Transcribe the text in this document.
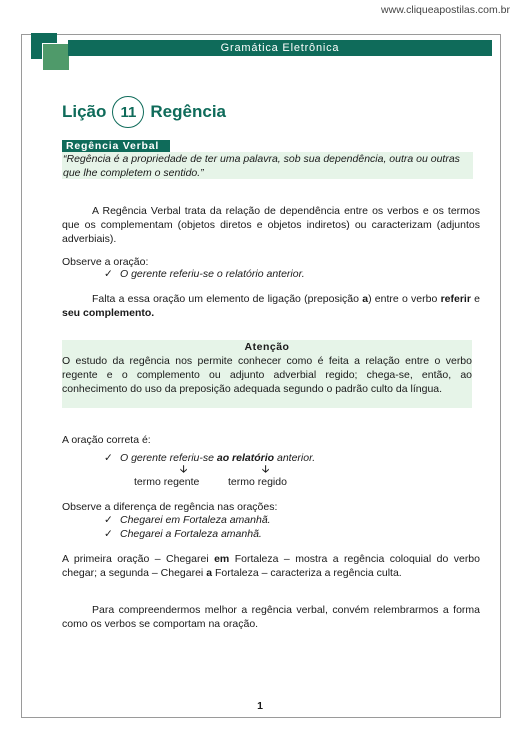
www.cliqueapostilas.com.br
Gramática Eletrônica
Lição 11 Regência
Regência Verbal
“Regência é a propriedade de ter uma palavra, sob sua dependência, outra ou outras que lhe completem o sentido.”
A Regência Verbal trata da relação de dependência entre os verbos e os termos que os complementam (objetos diretos e objetos indiretos) ou caracterizam (adjuntos adverbiais).
Observe a oração:
✓ O gerente referiu-se o relatório anterior.
Falta a essa oração um elemento de ligação (preposição a) entre o verbo referir e seu complemento.
Atenção
O estudo da regência nos permite conhecer como é feita a relação entre o verbo regente e o complemento ou adjunto adverbial regido; chega-se, então, ao conhecimento do uso da preposição adequada segundo o padrão culto da língua.
A oração correta é:
✓ O gerente referiu-se ao relatório anterior.
🡣	🡣
termo regente	termo regido
Observe a diferença de regência nas orações:
✓ Chegarei em Fortaleza amanhã.
✓ Chegarei a Fortaleza amanhã.
A primeira oração – Chegarei em Fortaleza – mostra a regência coloquial do verbo chegar; a segunda – Chegarei a Fortaleza – caracteriza a regência culta.
Para compreendermos melhor a regência verbal, convém relembrarmos a forma como os verbos se comportam na oração.
1
